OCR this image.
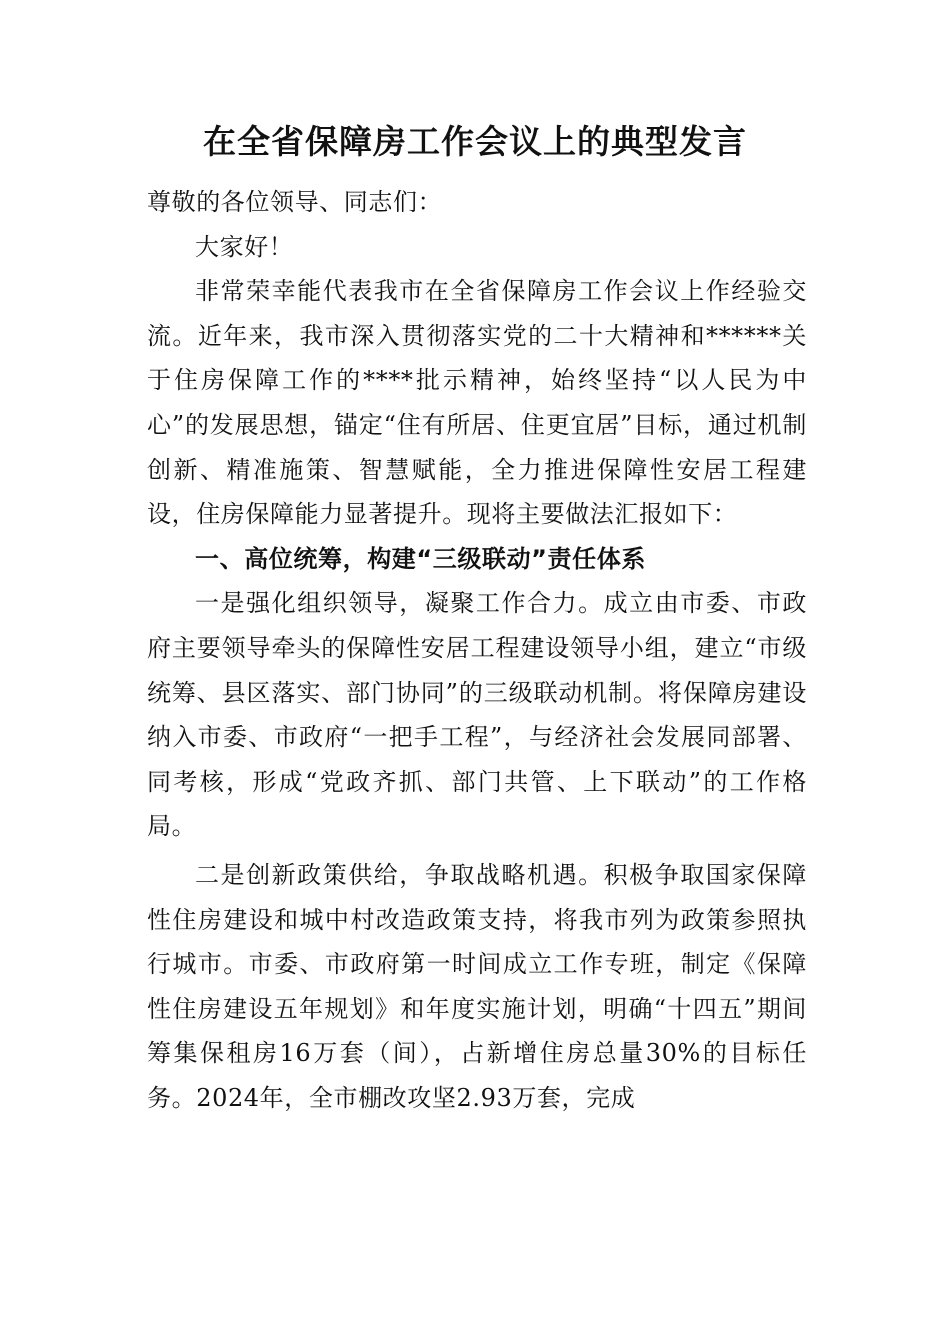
在全省保障房工作会议上的典型发言

尊敬的各位领导、同志们：

大家好！

非常荣幸能代表我市在全省保障房工作会议上作经验交流。近年来，我市深入贯彻落实党的二十大精神和******关于住房保障工作的****批示精神，始终坚持“以人民为中心”的发展思想，锚定“住有所居、住更宜居”目标，通过机制创新、精准施策、智慧赋能，全力推进保障性安居工程建设，住房保障能力显著提升。现将主要做法汇报如下：

一、高位统筹，构建“三级联动”责任体系

一是强化组织领导，凝聚工作合力。成立由市委、市政府主要领导牵头的保障性安居工程建设领导小组，建立“市级统筹、县区落实、部门协同”的三级联动机制。将保障房建设纳入市委、市政府“一把手工程”，与经济社会发展同部署、同考核，形成“党政齐抓、部门共管、上下联动”的工作格局。

二是创新政策供给，争取战略机遇。积极争取国家保障性住房建设和城中村改造政策支持，将我市列为政策参照执行城市。市委、市政府第一时间成立工作专班，制定《保障性住房建设五年规划》和年度实施计划，明确“十四五”期间筹集保租房16万套（间），占新增住房总量30%的目标任务。2024年，全市棚改攻坚2.93万套，完成
